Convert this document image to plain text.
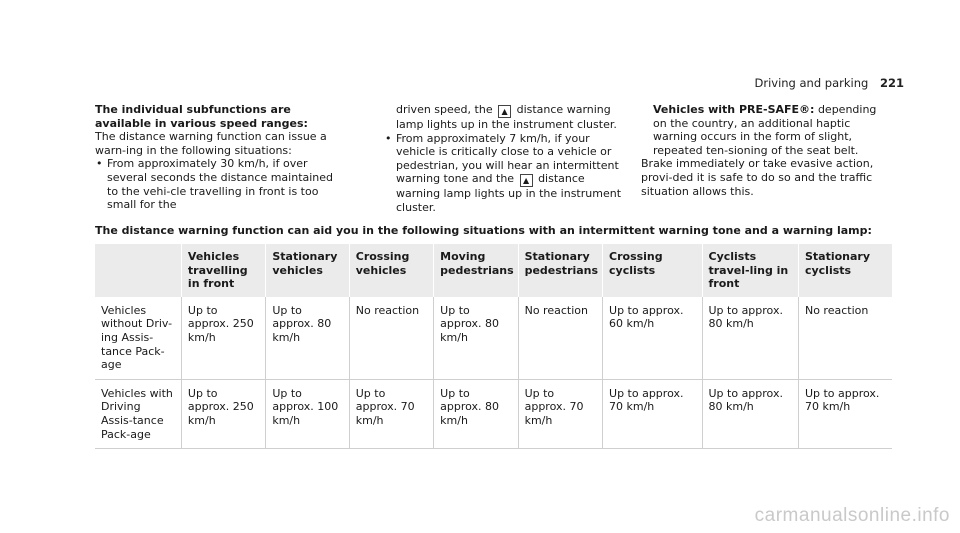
Driving and parking 221

The individual subfunctions are available in various speed ranges:

The distance warning function can issue a warn-ing in the following situations:

• From approximately 30 km/h, if over several seconds the distance maintained to the vehi-cle travelling in front is too small for the

driven speed, the ▲ distance warning lamp lights up in the instrument cluster.

• From approximately 7 km/h, if your vehicle is critically close to a vehicle or pedestrian, you will hear an intermittent warning tone and the ▲ distance warning lamp lights up in the instrument cluster.

Vehicles with PRE-SAFE®: depending on the country, an additional haptic warning occurs in the form of slight, repeated ten-sioning of the seat belt.

Brake immediately or take evasive action, provi-ded it is safe to do so and the traffic situation allows this.

The distance warning function can aid you in the following situations with an intermittent warning tone and a warning lamp:
	Vehicles travelling in front	Stationary vehicles	Crossing vehicles	Moving pedestrians	Stationary pedestrians	Crossing cyclists	Cyclists travel-ling in front	Stationary cyclists
Vehicles without Driv-ing Assis-tance Pack-age	Up to approx. 250 km/h	Up to approx. 80 km/h	No reaction	Up to approx. 80 km/h	No reaction	Up to approx. 60 km/h	Up to approx. 80 km/h	No reaction
Vehicles with Driving Assis-tance Pack-age	Up to approx. 250 km/h	Up to approx. 100 km/h	Up to approx. 70 km/h	Up to approx. 80 km/h	Up to approx. 70 km/h	Up to approx. 70 km/h	Up to approx. 80 km/h	Up to approx. 70 km/h
carmanualsonline.info
